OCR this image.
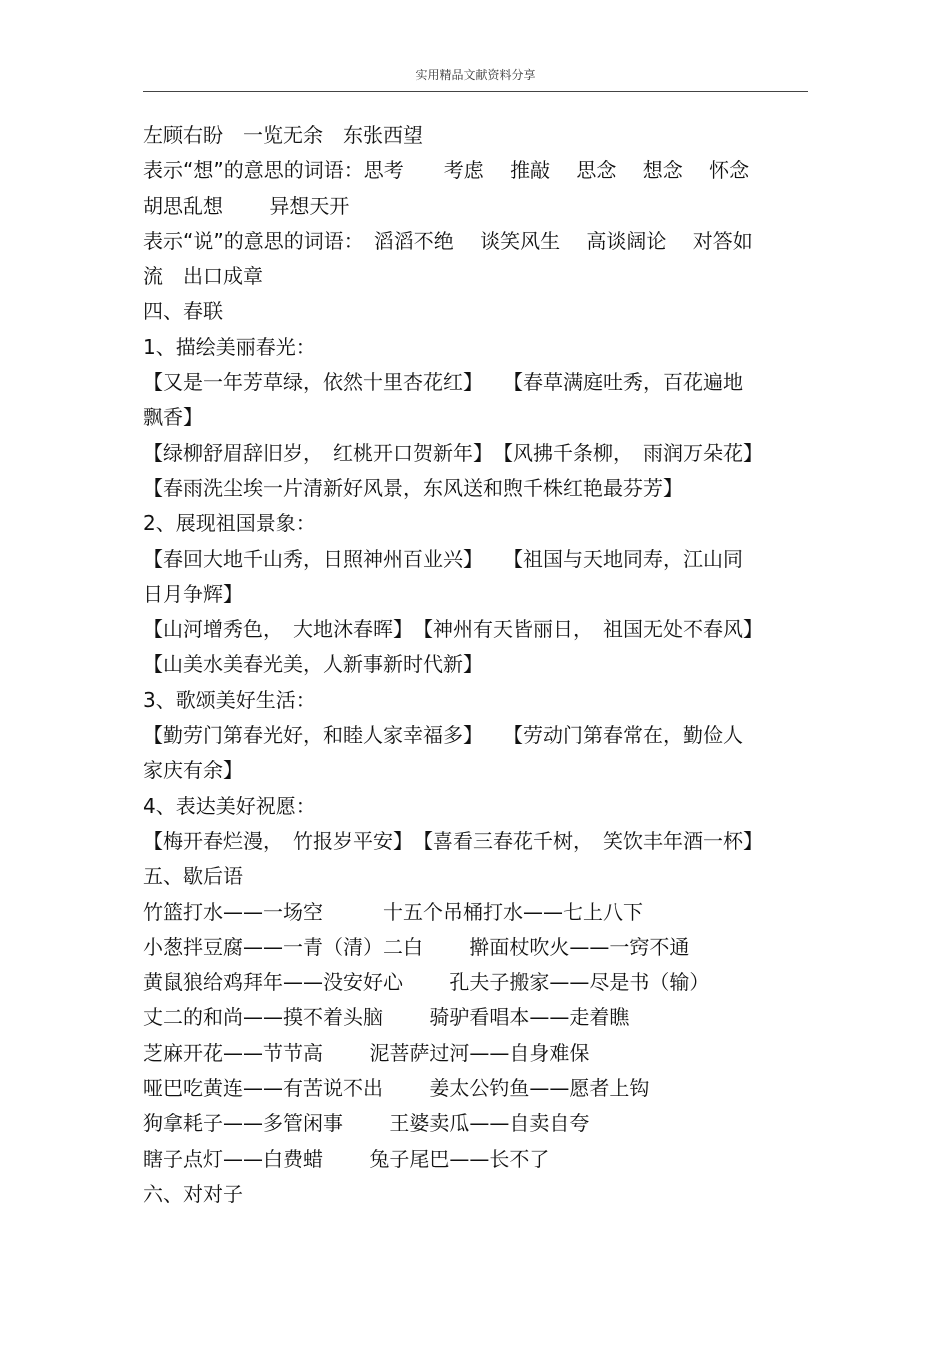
实用精品文献资料分享
左顾右盼　一览无余　东张西望
表示“想”的意思的词语：思考　　考虑　 推敲　 思念　 想念　 怀念
胡思乱想　　 异想天开
表示“说”的意思的词语：　滔滔不绝　 谈笑风生　 高谈阔论　 对答如
流　出口成章
四、春联
1、描绘美丽春光：
【又是一年芳草绿，依然十里杏花红】　　【春草满庭吐秀，百花遍地
飘香】
【绿柳舒眉辞旧岁，　红桃开口贺新年】　【风拂千条柳，　雨润万朵花】
【春雨洗尘埃一片清新好风景，东风送和煦千株红艳最芬芳】
2、展现祖国景象：
【春回大地千山秀，日照神州百业兴】　　【祖国与天地同寿，江山同
日月争辉】
【山河增秀色，　大地沐春晖】　【神州有天皆丽日，　祖国无处不春风】
【山美水美春光美，人新事新时代新】
3、歌颂美好生活：
【勤劳门第春光好，和睦人家幸福多】　　【劳动门第春常在，勤俭人
家庆有余】
4、表达美好祝愿：
【梅开春烂漫，　竹报岁平安】　【喜看三春花千树，　笑饮丰年酒一杯】
五、歇后语
竹篮打水——一场空　　　十五个吊桶打水——七上八下
小葱拌豆腐——一青（清）二白　　 擀面杖吹火——一窍不通
黄鼠狼给鸡拜年——没安好心　　 孔夫子搬家——尽是书（输）
丈二的和尚——摸不着头脑　　 骑驴看唱本——走着瞧
芝麻开花——节节高　　 泥菩萨过河——自身难保
哑巴吃黄连——有苦说不出　　 姜太公钓鱼——愿者上钩
狗拿耗子——多管闲事　　 王婆卖瓜——自卖自夸
瞎子点灯——白费蜡　　 兔子尾巴——长不了
六、对对子
